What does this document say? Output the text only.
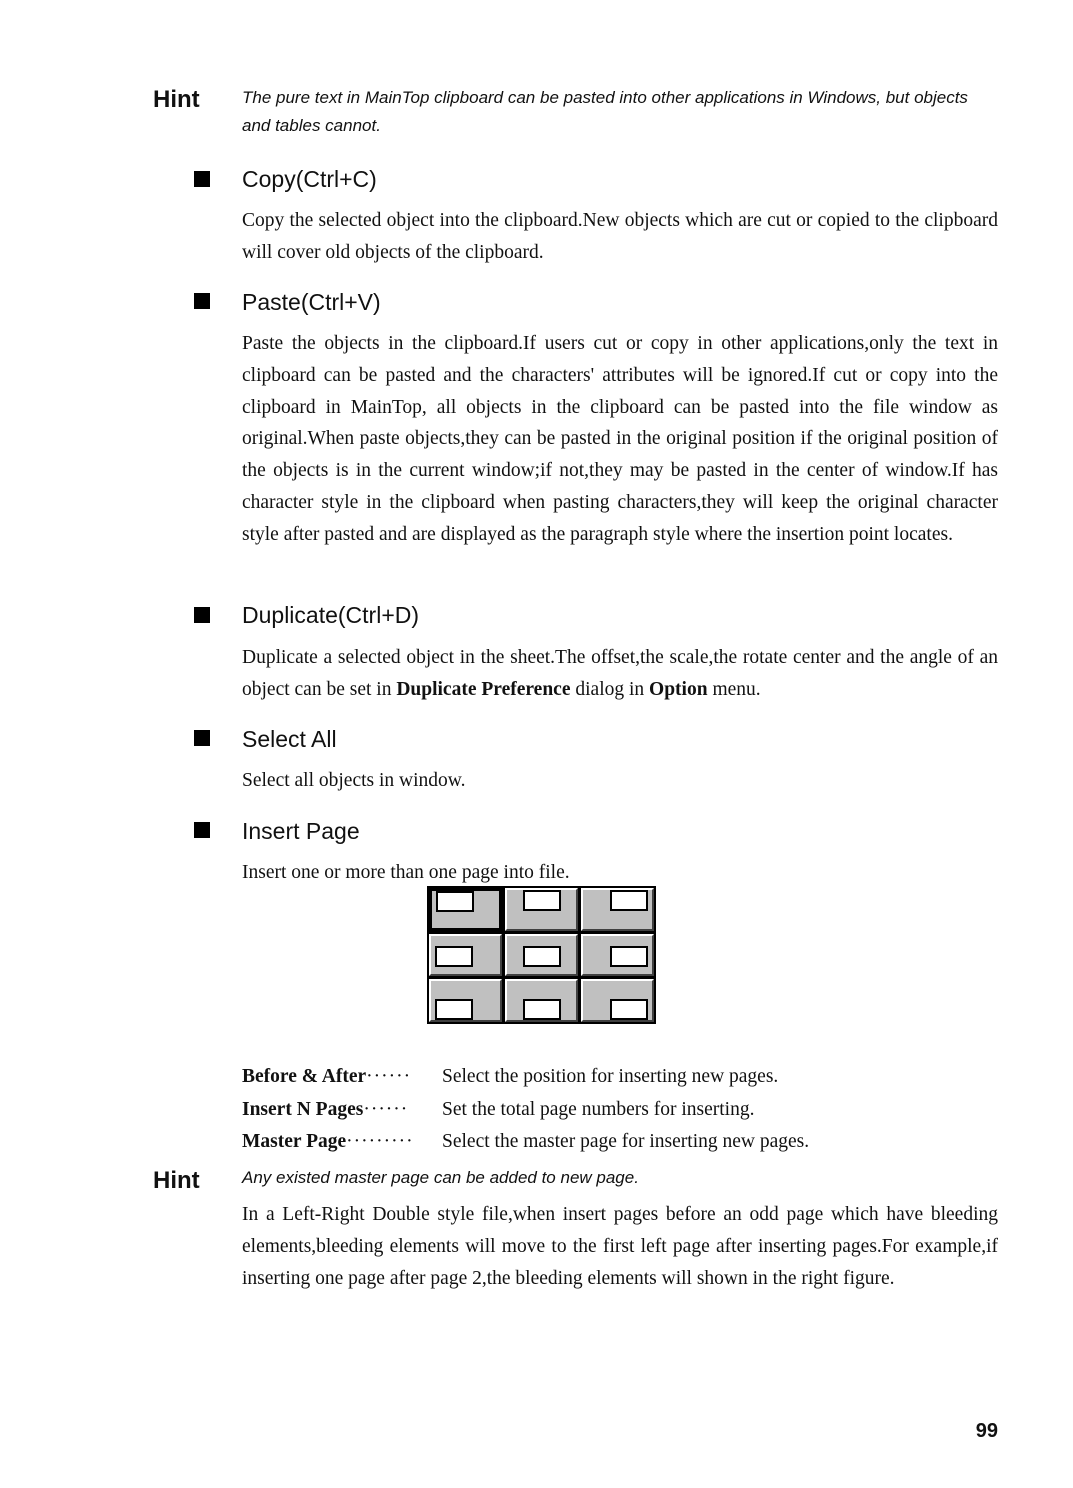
Hint The pure text in MainTop clipboard can be pasted into other applications in Windows, but objects and tables cannot.
Copy(Ctrl+C)

Copy the selected object into the clipboard.New objects which are cut or copied to the clipboard will cover old objects of the clipboard.

Paste(Ctrl+V)

Paste the objects in the clipboard.If users cut or copy in other applications,only the text in clipboard can be pasted and the characters' attributes will be ignored.If cut or copy into the clipboard in MainTop, all objects in the clipboard can be pasted into the file window as original.When paste objects,they can be pasted in the original position if the original position of the objects is in the current window;if not,they may be pasted in the center of window.If has character style in the clipboard when pasting characters,they will keep the original character style after pasted and are displayed as the paragraph style where the insertion point locates.

Duplicate(Ctrl+D)

Duplicate a selected object in the sheet.The offset,the scale,the rotate center and the angle of an object can be set in Duplicate Preference dialog in Option menu.

Select All

Select all objects in window.

Insert Page

Insert one or more than one page into file.

Before & After······	Select the position for inserting new pages.
Insert N Pages······	Set the total page numbers for inserting.
Master Page·········	Select the master page for inserting new pages.
Hint Any existed master page can be added to new page.

In a Left-Right Double style file,when insert pages before an odd page which have bleeding elements,bleeding elements will move to the first left page after inserting pages.For example,if inserting one page after page 2,the bleeding elements will shown in the right figure.

99
